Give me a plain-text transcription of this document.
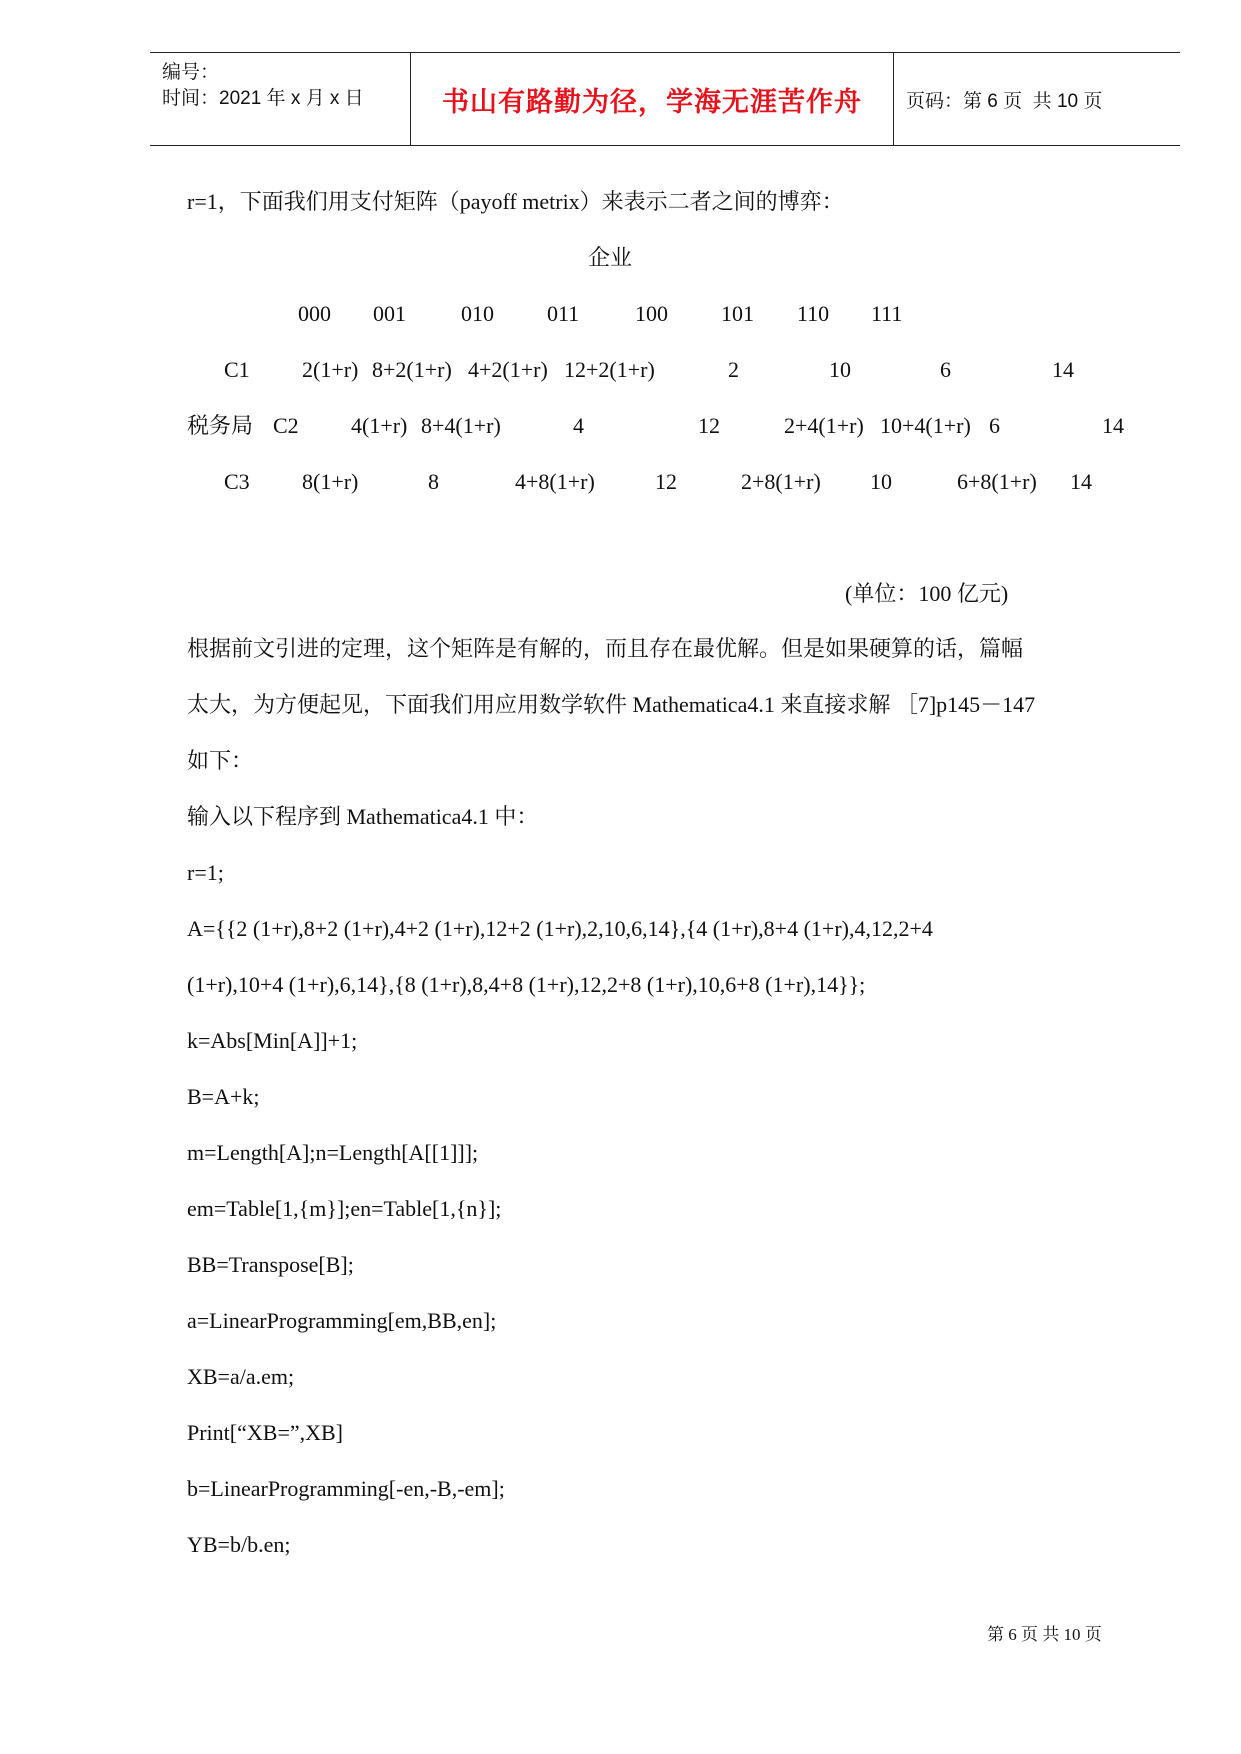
编号：
时间：2021 年 x 月 x 日	书山有路勤为径，学海无涯苦作舟 页码：第 6 页  共 10 页
r=1，下面我们用支付矩阵（payoff metrix）来表示二者之间的博弈：
企业
000 001	010 011	100 101 110 111
C1 2(1+r) 8+2(1+r) 4+2(1+r) 12+2(1+r)	2	10	6	14
税务局 C2 4(1+r) 8+4(1+r)	4	12	2+4(1+r) 10+4(1+r) 6	14
C3 8(1+r)	8	4+8(1+r)	12	2+8(1+r) 10	6+8(1+r) 14
(单位：100 亿元)
根据前文引进的定理，这个矩阵是有解的，而且存在最优解。但是如果硬算的话，篇幅
太大，为方便起见，下面我们用应用数学软件 Mathematica4.1 来直接求解 ［7]p145－147
如下：
输入以下程序到 Mathematica4.1 中：
r=1;
A={{2 (1+r),8+2 (1+r),4+2 (1+r),12+2 (1+r),2,10,6,14},{4 (1+r),8+4 (1+r),4,12,2+4
(1+r),10+4 (1+r),6,14},{8 (1+r),8,4+8 (1+r),12,2+8 (1+r),10,6+8 (1+r),14}};
k=Abs[Min[A]]+1;
B=A+k;
m=Length[A];n=Length[A[[1]]];
em=Table[1,{m}];en=Table[1,{n}];
BB=Transpose[B];
a=LinearProgramming[em,BB,en];
XB=a/a.em;
Print[“XB=”,XB]
b=LinearProgramming[-en,-B,-em];
YB=b/b.en;
第 6 页 共 10 页
